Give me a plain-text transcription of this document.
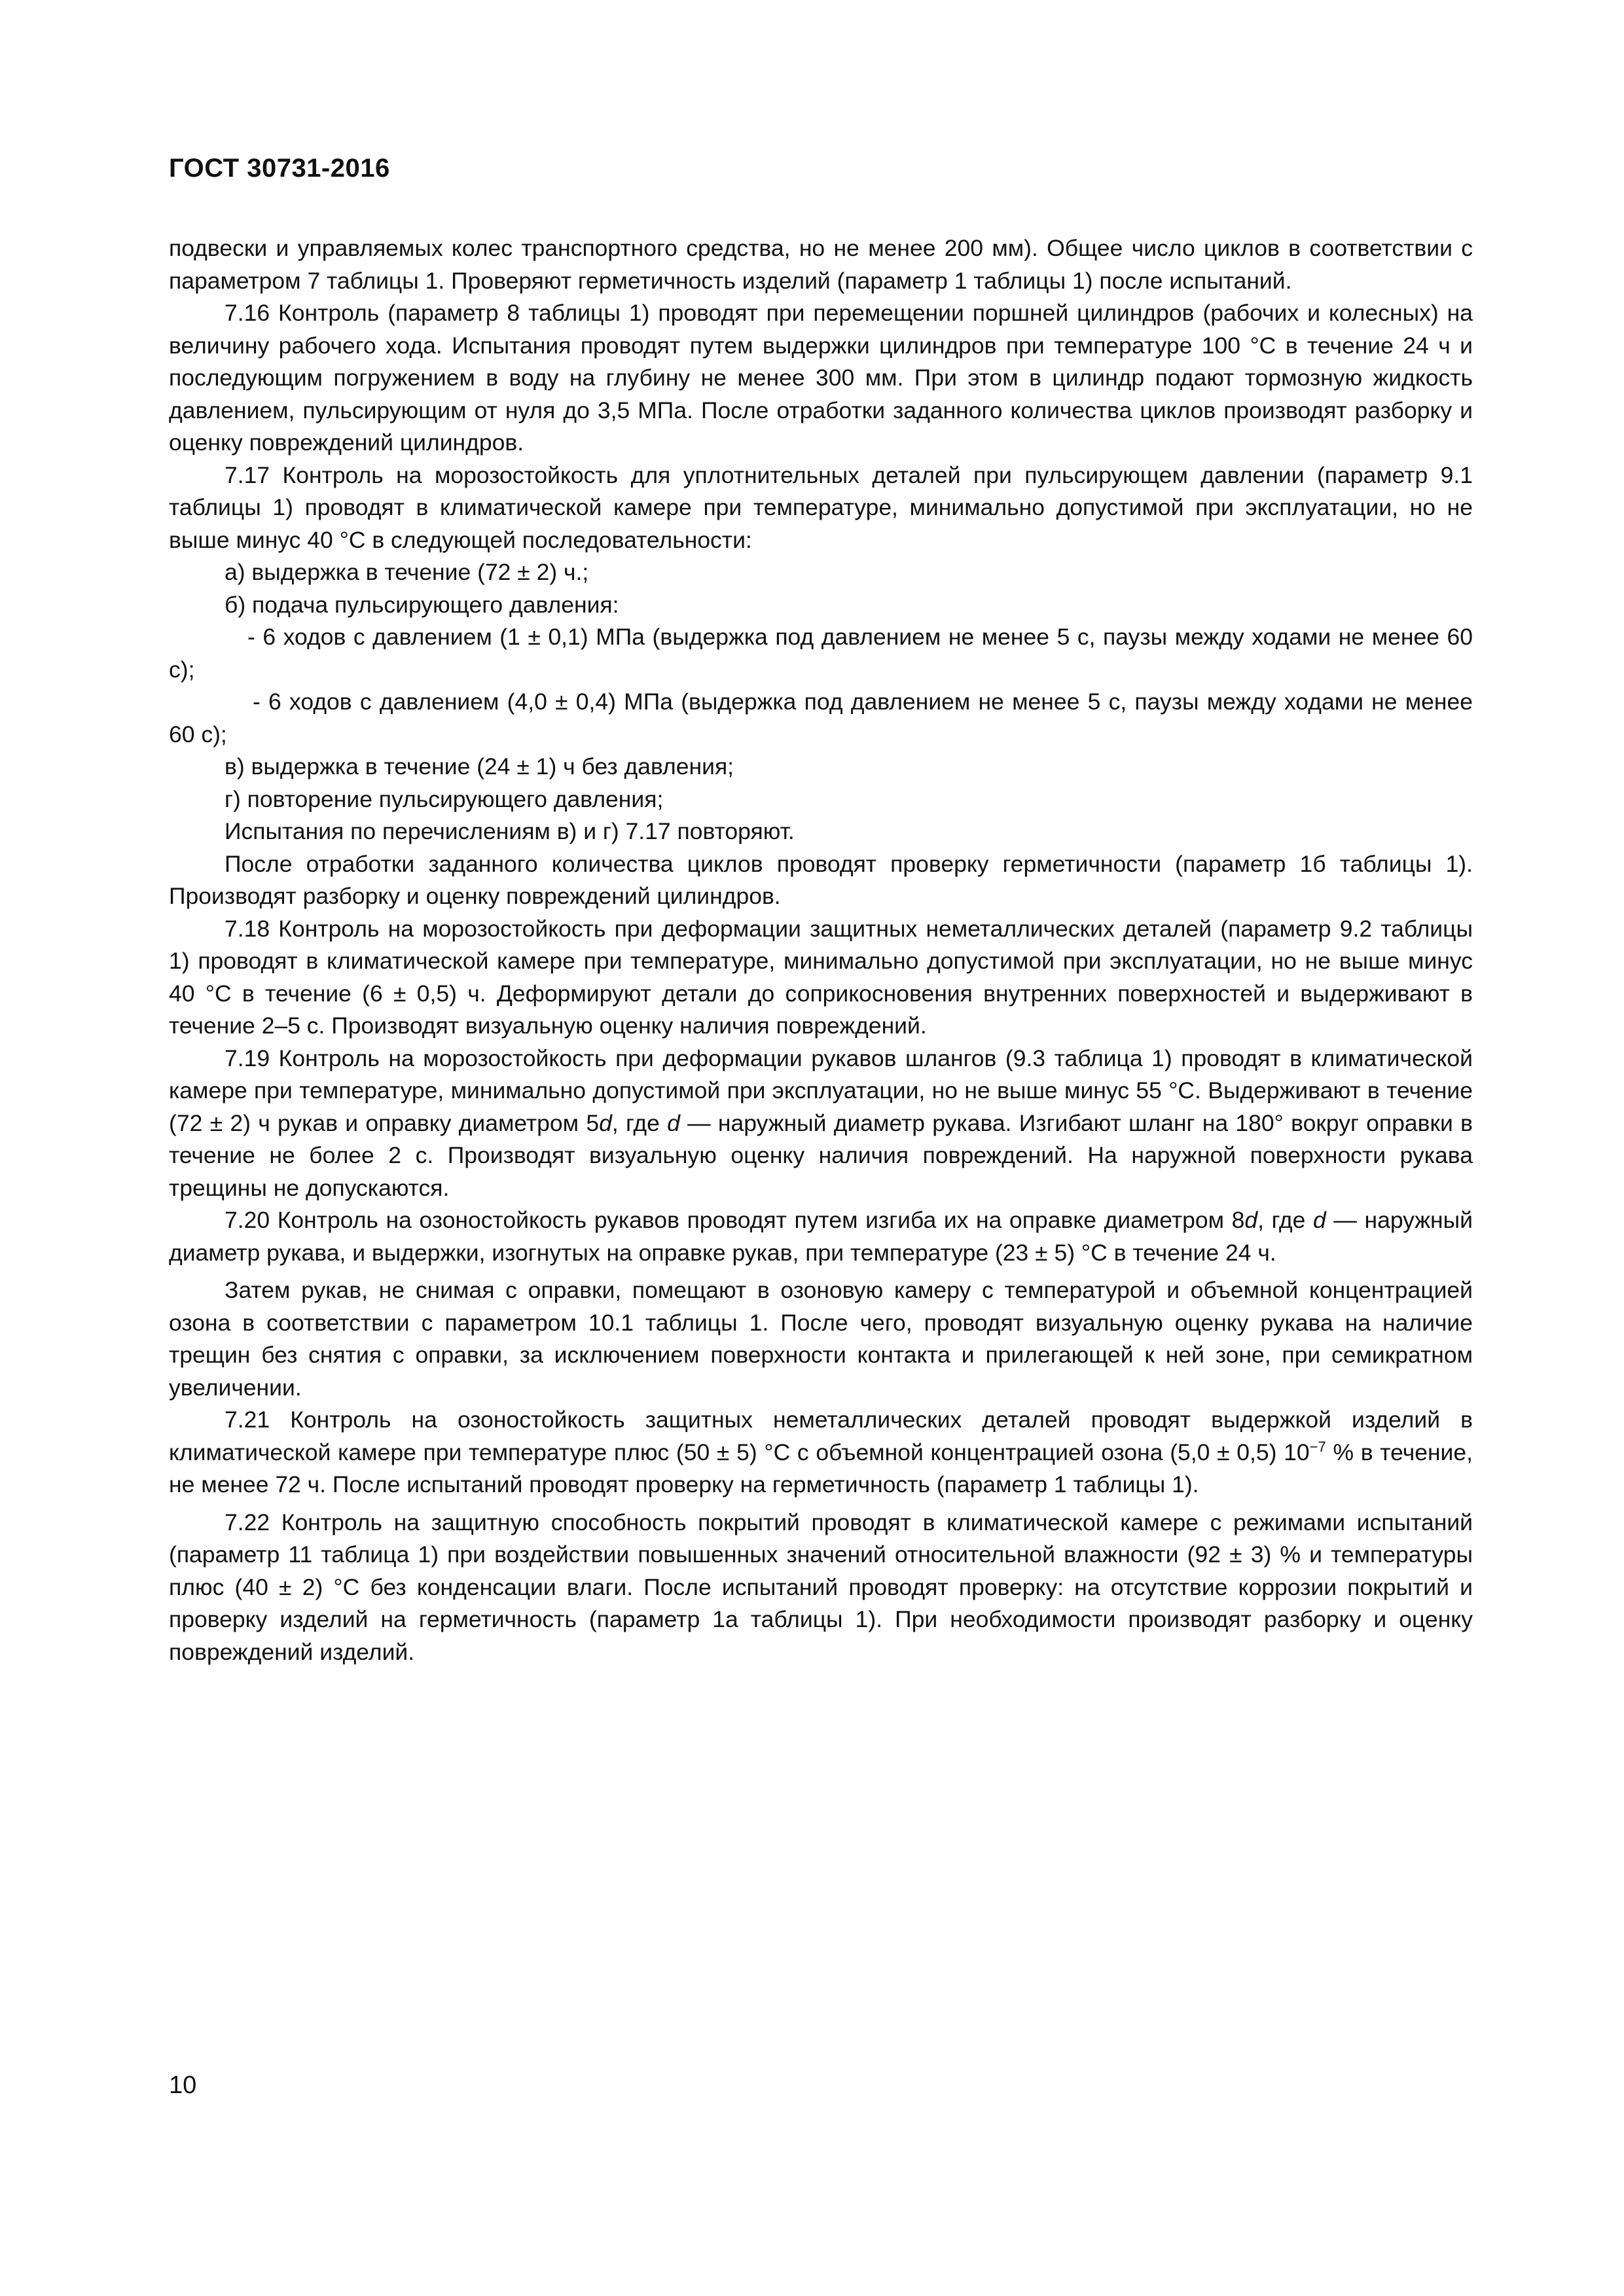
ГОСТ 30731-2016

подвески и управляемых колес транспортного средства, но не менее 200 мм). Общее число циклов в соответствии с параметром 7 таблицы 1. Проверяют герметичность изделий (параметр 1 таблицы 1) после испытаний.

7.16 Контроль (параметр 8 таблицы 1) проводят при перемещении поршней цилиндров (рабочих и колесных) на величину рабочего хода. Испытания проводят путем выдержки цилиндров при температуре 100 °С в течение 24 ч и последующим погружением в воду на глубину не менее 300 мм. При этом в цилиндр подают тормозную жидкость давлением, пульсирующим от нуля до 3,5 МПа. После отработки заданного количества циклов производят разборку и оценку повреждений цилиндров.

7.17 Контроль на морозостойкость для уплотнительных деталей при пульсирующем давлении (параметр 9.1 таблицы 1) проводят в климатической камере при температуре, минимально допустимой при эксплуатации, но не выше минус 40 °С в следующей последовательности:

а) выдержка в течение (72 ± 2) ч.;

б) подача пульсирующего давления:

- 6 ходов с давлением (1 ± 0,1) МПа (выдержка под давлением не менее 5 с, паузы между ходами не менее 60 с);

- 6 ходов с давлением (4,0 ± 0,4) МПа (выдержка под давлением не менее 5 с, паузы между ходами не менее 60 с);

в) выдержка в течение (24 ± 1) ч без давления;

г) повторение пульсирующего давления;

Испытания по перечислениям в) и г) 7.17 повторяют.

После отработки заданного количества циклов проводят проверку герметичности (параметр 1б таблицы 1). Производят разборку и оценку повреждений цилиндров.

7.18 Контроль на морозостойкость при деформации защитных неметаллических деталей (параметр 9.2 таблицы 1) проводят в климатической камере при температуре, минимально допустимой при эксплуатации, но не выше минус 40 °С в течение (6 ± 0,5) ч. Деформируют детали до соприкосновения внутренних поверхностей и выдерживают в течение 2–5 с. Производят визуальную оценку наличия повреждений.

7.19 Контроль на морозостойкость при деформации рукавов шлангов (9.3 таблица 1) проводят в климатической камере при температуре, минимально допустимой при эксплуатации, но не выше минус 55 °С. Выдерживают в течение (72 ± 2) ч рукав и оправку диаметром 5d, где d — наружный диаметр рукава. Изгибают шланг на 180° вокруг оправки в течение не более 2 с. Производят визуальную оценку наличия повреждений. На наружной поверхности рукава трещины не допускаются.

7.20 Контроль на озоностойкость рукавов проводят путем изгиба их на оправке диаметром 8d, где d — наружный диаметр рукава, и выдержки, изогнутых на оправке рукав, при температуре (23 ± 5) °С в течение 24 ч.

Затем рукав, не снимая с оправки, помещают в озоновую камеру с температурой и объемной концентрацией озона в соответствии с параметром 10.1 таблицы 1. После чего, проводят визуальную оценку рукава на наличие трещин без снятия с оправки, за исключением поверхности контакта и прилегающей к ней зоне, при семикратном увеличении.

7.21 Контроль на озоностойкость защитных неметаллических деталей проводят выдержкой изделий в климатической камере при температуре плюс (50 ± 5) °С с объемной концентрацией озона (5,0 ± 0,5) $10^{-7}$ % в течение, не менее 72 ч. После испытаний проводят проверку на герметичность (параметр 1 таблицы 1).

7.22 Контроль на защитную способность покрытий проводят в климатической камере с режимами испытаний (параметр 11 таблица 1) при воздействии повышенных значений относительной влажности (92 ± 3) % и температуры плюс (40 ± 2) °С без конденсации влаги. После испытаний проводят проверку: на отсутствие коррозии покрытий и проверку изделий на герметичность (параметр 1а таблицы 1). При необходимости производят разборку и оценку повреждений изделий.

10
